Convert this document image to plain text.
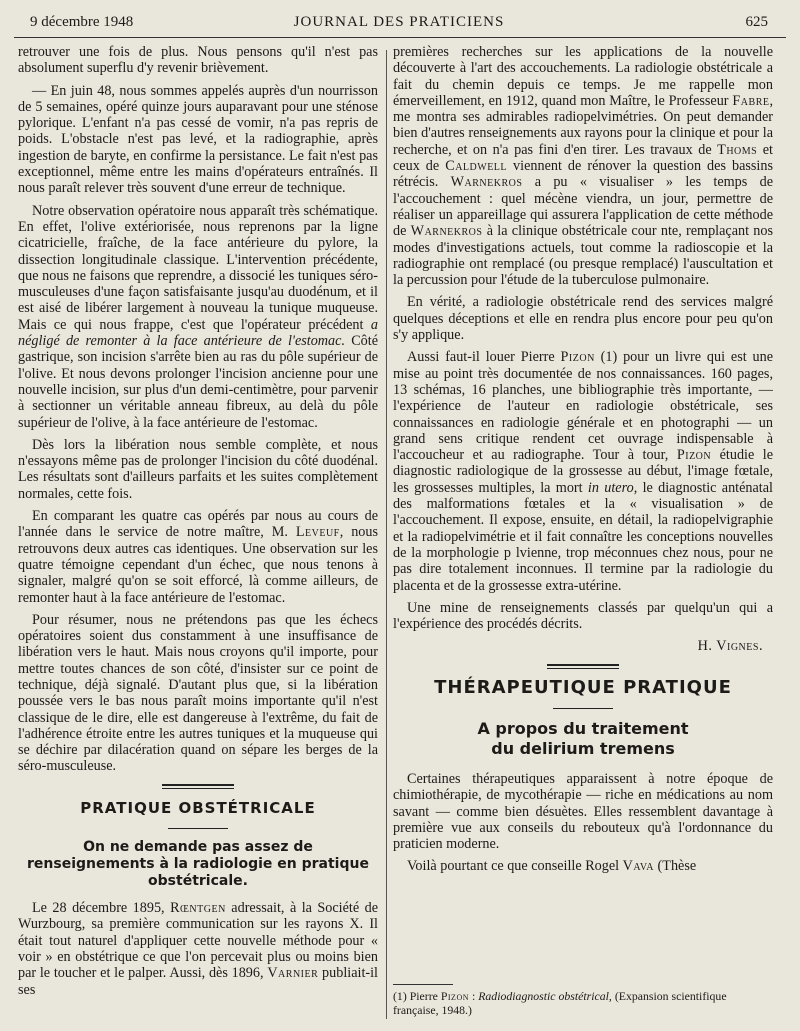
9 décembre 1948	JOURNAL DES PRATICIENS	625

retrouver une fois de plus. Nous pensons qu'il n'est pas absolument superflu d'y revenir brièvement.

— En juin 48, nous sommes appelés auprès d'un nourrisson de 5 semaines, opéré quinze jours auparavant pour une sténose pylorique. L'enfant n'a pas cessé de vomir, n'a pas repris de poids. L'obstacle n'est pas levé, et la radiographie, après ingestion de baryte, en confirme la persistance. Le fait n'est pas exceptionnel, même entre les mains d'opérateurs entraînés. Il nous paraît relever très souvent d'une erreur de technique.

Notre observation opératoire nous apparaît très schématique. En effet, l'olive extériorisée, nous reprenons par la ligne cicatricielle, fraîche, de la face antérieure du pylore, la dissection longitudinale classique. L'intervention précédente, que nous ne faisons que reprendre, a dissocié les tuniques séro-musculeuses d'une façon satisfaisante jusqu'au duodénum, et il est aisé de libérer largement à nouveau la tunique muqueuse. Mais ce qui nous frappe, c'est que l'opérateur précédent a négligé de remonter à la face antérieure de l'estomac. Côté gastrique, son incision s'arrête bien au ras du pôle supérieur de l'olive. Et nous devons prolonger l'incision ancienne pour une nouvelle incision, sur plus d'un demi-centimètre, pour parvenir à sectionner un véritable anneau fibreux, au delà du pôle supérieur de l'olive, à la face antérieure de l'estomac.

Dès lors la libération nous semble complète, et nous n'essayons même pas de prolonger l'incision du côté duodénal. Les résultats sont d'ailleurs parfaits et les suites complètement normales, cette fois.

En comparant les quatre cas opérés par nous au cours de l'année dans le service de notre maître, M. Leveuf, nous retrouvons deux autres cas identiques. Une observation sur les quatre témoigne cependant d'un échec, que nous tenons à signaler, malgré qu'on se soit efforcé, là comme ailleurs, de remonter haut à la face antérieure de l'estomac.

Pour résumer, nous ne prétendons pas que les échecs opératoires soient dus constamment à une insuffisance de libération vers le haut. Mais nous croyons qu'il importe, pour mettre toutes chances de son côté, d'insister sur ce point de technique, déjà signalé. D'autant plus que, si la libération poussée vers le bas nous paraît moins importante qu'il n'est classique de le dire, elle est dangereuse à l'extrême, du fait de l'adhérence étroite entre les autres tuniques et la muqueuse qui se déchire par dilacération quand on sépare les berges de la séro-musculeuse.

PRATIQUE OBSTÉTRICALE
On ne demande pas assez de renseignements à la radiologie en pratique obstétricale.

Le 28 décembre 1895, Rœntgen adressait, à la Société de Wurzbourg, sa première communication sur les rayons X. Il était tout naturel d'appliquer cette nouvelle méthode pour « voir » en obstétrique ce que l'on percevait plus ou moins bien par le toucher et le palper. Aussi, dès 1896, Varnier publiait-il ses

premières recherches sur les applications de la nouvelle découverte à l'art des accouchements. La radiologie obstétricale a fait du chemin depuis ce temps. Je me rappelle mon émerveillement, en 1912, quand mon Maître, le Professeur Fabre, me montra ses admirables radiopelvimétries. On peut demander bien d'autres renseignements aux rayons pour la clinique et pour la recherche, et on n'a pas fini d'en tirer. Les travaux de Thoms et ceux de Caldwell viennent de rénover la question des bassins rétrécis. Warnekros a pu « visualiser » les temps de l'accouchement : quel mécène viendra, un jour, permettre de réaliser un appareillage qui assurera l'application de cette méthode de Warnekros à la clinique obstétricale cour nte, remplaçant nos modes d'investigations actuels, tout comme la radioscopie et la radiographie ont remplacé (ou presque remplacé) l'auscultation et la percussion pour l'étude de la tuberculose pulmonaire.

En vérité, a radiologie obstétricale rend des services malgré quelques déceptions et elle en rendra plus encore pour peu qu'on s'y applique.

Aussi faut-il louer Pierre Pizon (1) pour un livre qui est une mise au point très documentée de nos connaissances. 160 pages, 13 schémas, 16 planches, une bibliographie très importante, — l'expérience de l'auteur en radiologie obstétricale, ses connaissances en radiologie générale et en photographi — un grand sens critique rendent cet ouvrage indispensable à l'accoucheur et au radiographe. Tour à tour, Pizon étudie le diagnostic radiologique de la grossesse au début, l'image fœtale, les grossesses multiples, la mort in utero, le diagnostic anténatal des malformations fœtales et la « visualisation » de l'accouchement. Il expose, ensuite, en détail, la radiopelvigraphie et la radiopelvimétrie et il fait connaître les conceptions nouvelles de la morphologie p lvienne, trop méconnues chez nous, pour ne pas dire totalement inconnues. Il termine par la radiologie du placenta et de la grossesse extra-utérine.

Une mine de renseignements classés par quelqu'un qui a l'expérience des procédés décrits.

H. Vignes.
THÉRAPEUTIQUE PRATIQUE
A propos du traitement
du delirium tremens

Certaines thérapeutiques apparaissent à notre époque de chimiothérapie, de mycothérapie — riche en médications au nom savant — comme bien désuètes. Elles ressemblent davantage à première vue aux conseils du rebouteux qu'à l'ordonnance du praticien moderne.

Voilà pourtant ce que conseille Rogel Vava (Thèse

(1) Pierre Pizon : Radiodiagnostic obstétrical, (Expansion scientifique française, 1948.)
